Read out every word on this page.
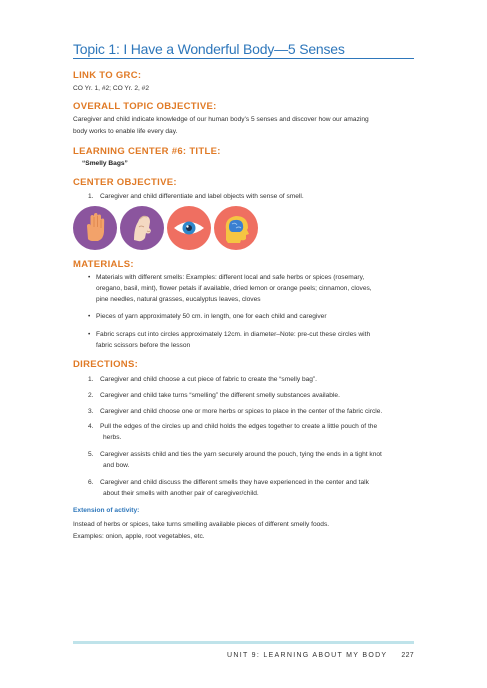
Topic 1: I Have a Wonderful Body—5 Senses
LINK TO GRC:
CO Yr. 1, #2; CO Yr. 2, #2
OVERALL TOPIC OBJECTIVE:
Caregiver and child indicate knowledge of our human body’s 5 senses and discover how our amazing
body works to enable life every day.
LEARNING CENTER #6: TITLE:
“Smelly Bags”
CENTER OBJECTIVE:
1. Caregiver and child differentiate and label objects with sense of smell.
MATERIALS:
• Materials with different smells: Examples: different local and safe herbs or spices (rosemary,
oregano, basil, mint), flower petals if available, dried lemon or orange peels; cinnamon, cloves,
pine needles, natural grasses, eucalyptus leaves, cloves
• Pieces of yarn approximately 50 cm. in length, one for each child and caregiver
• Fabric scraps cut into circles approximately 12cm. in diameter–Note: pre-cut these circles with
fabric scissors before the lesson
DIRECTIONS:
1. Caregiver and child choose a cut piece of fabric to create the “smelly bag”.
2. Caregiver and child take turns “smelling” the different smelly substances available.
3. Caregiver and child choose one or more herbs or spices to place in the center of the fabric circle.
4. Pull the edges of the circles up and child holds the edges together to create a little pouch of the
herbs.
5. Caregiver assists child and ties the yarn securely around the pouch, tying the ends in a tight knot
and bow.
6. Caregiver and child discuss the different smells they have experienced in the center and talk
about their smells with another pair of caregiver/child.
Extension of activity:
Instead of herbs or spices, take turns smelling available pieces of different smelly foods.
Examples: onion, apple, root vegetables, etc.
UNIT 9: LEARNING ABOUT MY BODY 227
